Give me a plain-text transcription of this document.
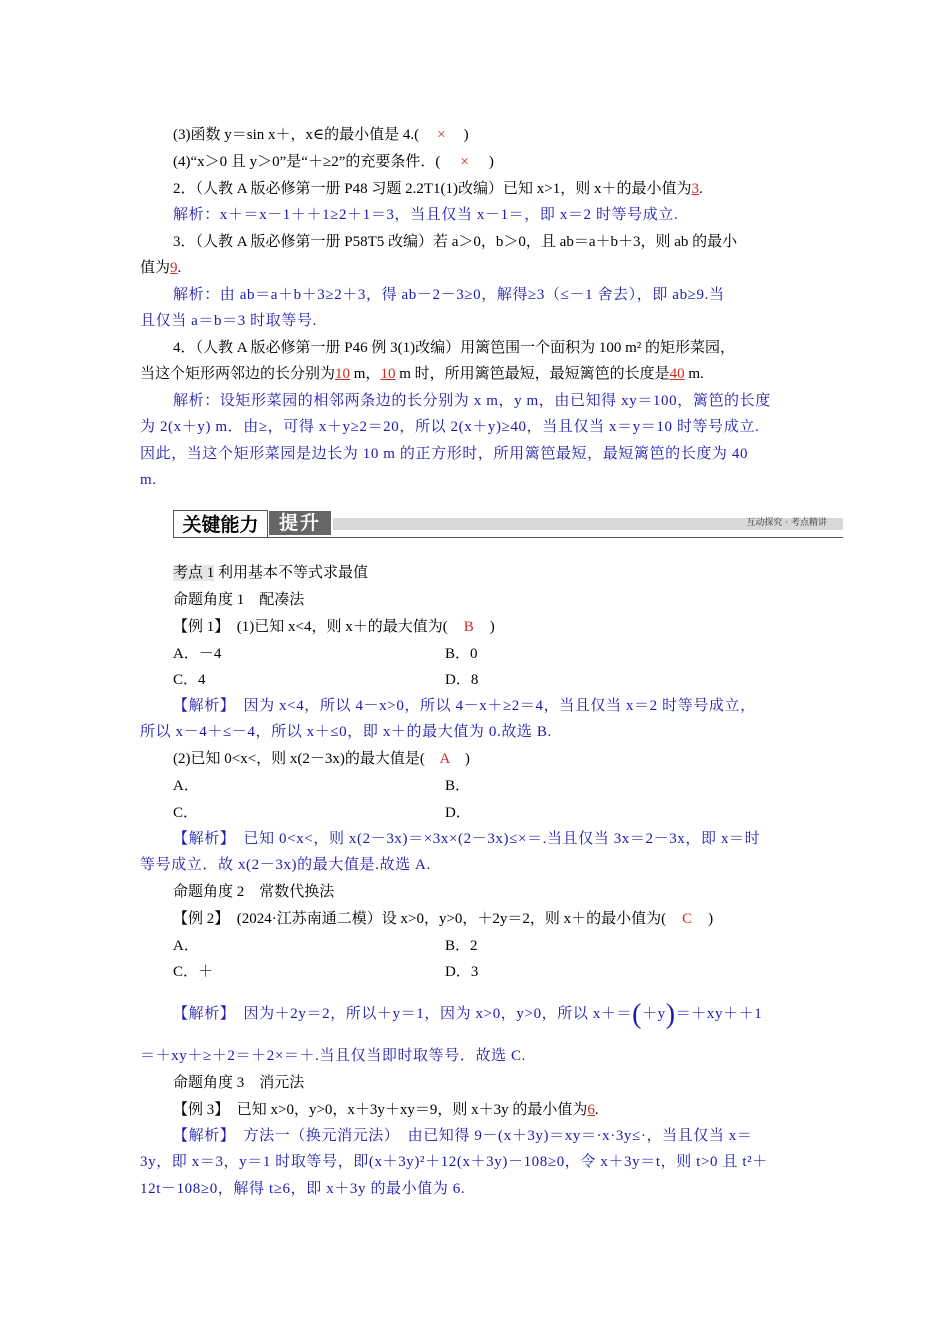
(3)函数 y＝sin x＋，x∈的最小值是 4.( × )
(4)“x＞0 且 y＞0”是“＋≥2”的充要条件．( × )
2．（人教 A 版必修第一册 P48 习题 2.2T1(1)改编）已知 x>1，则 x＋的最小值为3.
解析：x＋＝x－1＋＋1≥2＋1＝3，当且仅当 x－1＝，即 x＝2 时等号成立.
3．（人教 A 版必修第一册 P58T5 改编）若 a＞0，b＞0，且 ab＝a＋b＋3，则 ab 的最小
值为9.
解析：由 ab＝a＋b＋3≥2＋3，得 ab－2－3≥0，解得≥3（≤－1 舍去），即 ab≥9.当
且仅当 a＝b＝3 时取等号.
4．（人教 A 版必修第一册 P46 例 3(1)改编）用篱笆围一个面积为 100 m² 的矩形菜园，
当这个矩形两邻边的长分别为10 m，10 m 时，所用篱笆最短，最短篱笆的长度是40 m.
解析：设矩形菜园的相邻两条边的长分别为 x m，y m，由已知得 xy＝100，篱笆的长度
为 2(x＋y) m．由≥，可得 x＋y≥2＝20，所以 2(x＋y)≥40，当且仅当 x＝y＝10 时等号成立.
因此，当这个矩形菜园是边长为 10 m 的正方形时，所用篱笆最短，最短篱笆的长度为 40
m.
关键能力	提升	互动探究 · 考点精讲
考点 1 利用基本不等式求最值
命题角度 1　配凑法
【例 1】　(1)已知 x<4，则 x＋的最大值为( B )
A．－4	B．0
C．4	D．8
【解析】　因为 x<4，所以 4－x>0，所以 4－x＋≥2＝4，当且仅当 x＝2 时等号成立，
所以 x－4＋≤－4，所以 x＋≤0，即 x＋的最大值为 0.故选 B.
(2)已知 0<x<，则 x(2－3x)的最大值是( A )
A．	B．
C．	D．
【解析】　已知 0<x<，则 x(2－3x)＝×3x×(2－3x)≤×＝.当且仅当 3x＝2－3x，即 x＝时
等号成立．故 x(2－3x)的最大值是.故选 A.
命题角度 2　常数代换法
【例 2】　(2024·江苏南通二模）设 x>0，y>0，＋2y＝2，则 x＋的最小值为( C )
A．	B．2
C．＋	D．3
【解析】　因为＋2y＝2，所以＋y＝1，因为 x>0，y>0，所以 x＋＝(＋y)＝＋xy＋＋1
＝＋xy＋≥＋2＝＋2×＝＋.当且仅当即时取等号．故选 C.
命题角度 3　消元法
【例 3】　已知 x>0，y>0，x＋3y＋xy＝9，则 x＋3y 的最小值为6.
【解析】　方法一（换元消元法）　由已知得 9－(x＋3y)＝xy＝·x·3y≤·，当且仅当 x＝
3y，即 x＝3，y＝1 时取等号，即(x＋3y)²＋12(x＋3y)－108≥0，令 x＋3y＝t，则 t>0 且 t²＋
12t－108≥0，解得 t≥6，即 x＋3y 的最小值为 6.
